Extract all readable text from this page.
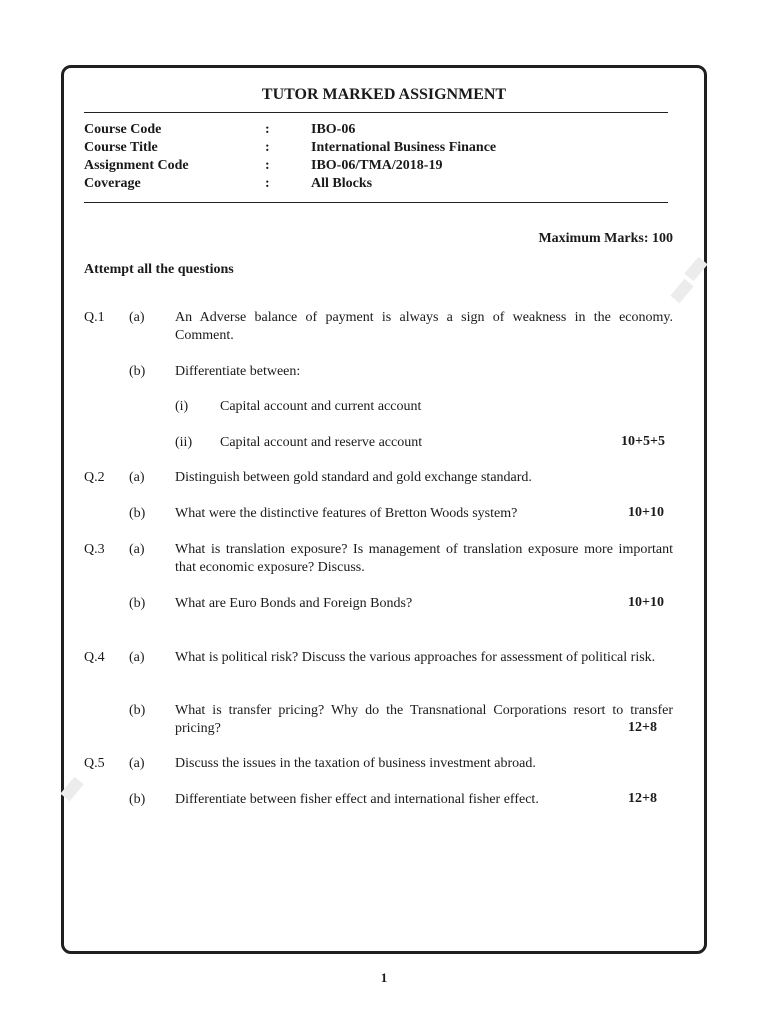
TUTOR MARKED ASSIGNMENT
Course Code	:	IBO-06
Course Title	:	International Business Finance
Assignment Code	:	IBO-06/TMA/2018-19
Coverage	:	All Blocks
Maximum Marks: 100
Attempt all the questions
Q.1 (a) An Adverse balance of payment is always a sign of weakness in the economy. Comment.
(b) Differentiate between:
(i) Capital account and current account
(ii) Capital account and reserve account	10+5+5
Q.2 (a) Distinguish between gold standard and gold exchange standard.
(b) What were the distinctive features of Bretton Woods system?	10+10
Q.3 (a) What is translation exposure? Is management of translation exposure more important that economic exposure? Discuss.
(b) What are Euro Bonds and Foreign Bonds?	10+10
Q.4 (a) What is political risk? Discuss the various approaches for assessment of political risk.
(b) What is transfer pricing? Why do the Transnational Corporations resort to transfer pricing?	12+8
Q.5 (a) Discuss the issues in the taxation of business investment abroad.
(b) Differentiate between fisher effect and international fisher effect.	12+8
1
